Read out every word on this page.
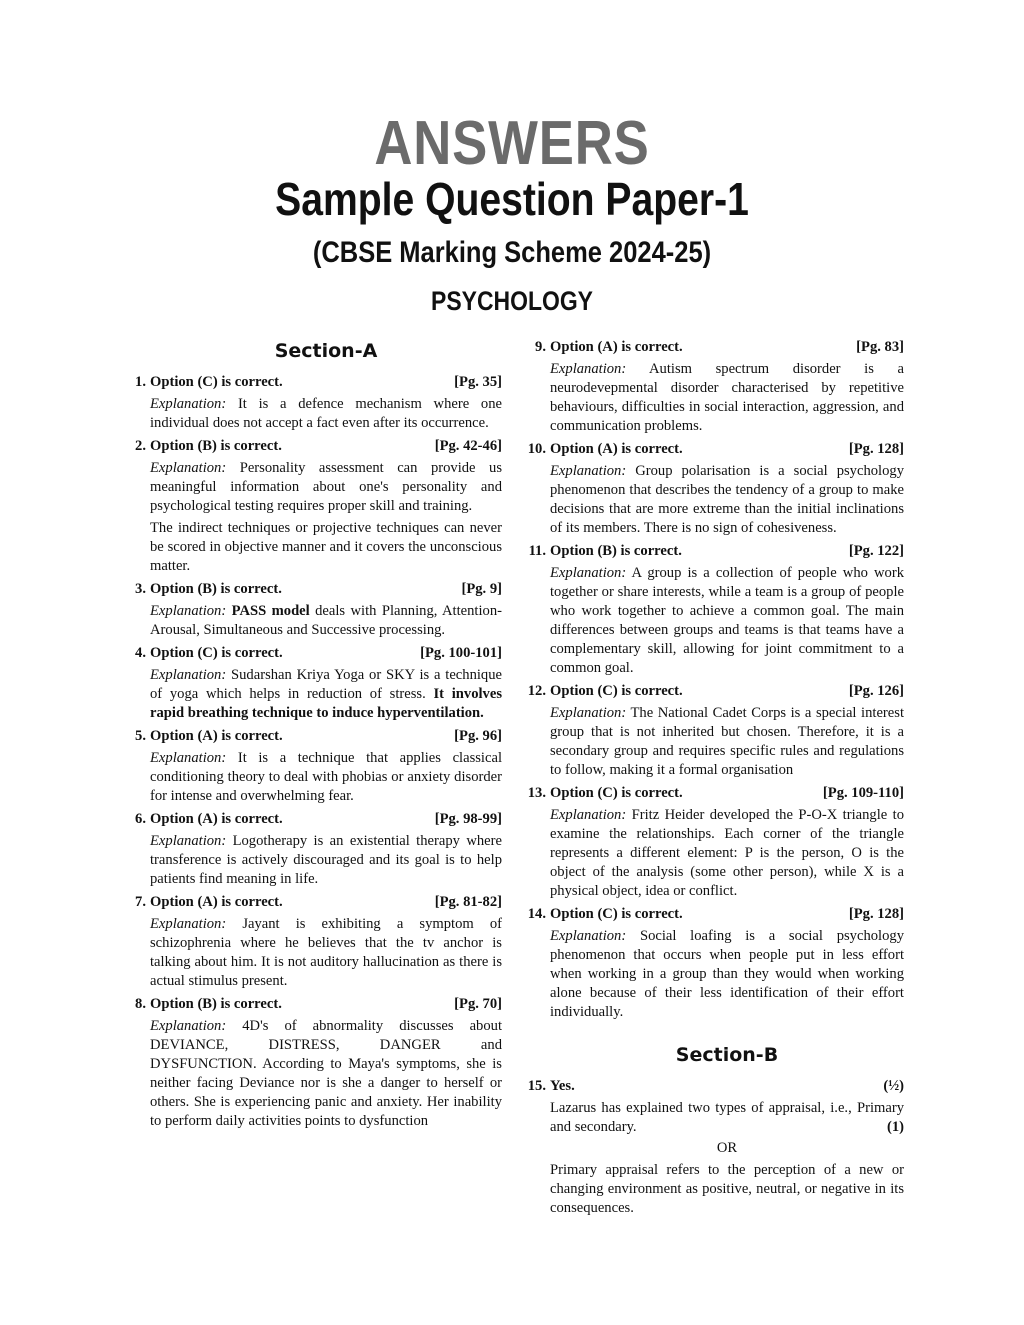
ANSWERS
Sample Question Paper-1
(CBSE Marking Scheme 2024-25)
PSYCHOLOGY
Section-A
1. Option (C) is correct.	[Pg. 35]
Explanation: It is a defence mechanism where one individual does not accept a fact even after its occurrence.
2. Option (B) is correct.	[Pg. 42-46]
Explanation: Personality assessment can provide us meaningful information about one's personality and psychological testing requires proper skill and training.
The indirect techniques or projective techniques can never be scored in objective manner and it covers the unconscious matter.
3. Option (B) is correct.	[Pg. 9]
Explanation: PASS model deals with Planning, Attention-Arousal, Simultaneous and Successive processing.
4. Option (C) is correct.	[Pg. 100-101]
Explanation: Sudarshan Kriya Yoga or SKY is a technique of yoga which helps in reduction of stress. It involves rapid breathing technique to induce hyperventilation.
5. Option (A) is correct.	[Pg. 96]
Explanation: It is a technique that applies classical conditioning theory to deal with phobias or anxiety disorder for intense and overwhelming fear.
6. Option (A) is correct.	[Pg. 98-99]
Explanation: Logotherapy is an existential therapy where transference is actively discouraged and its goal is to help patients find meaning in life.
7. Option (A) is correct.	[Pg. 81-82]
Explanation: Jayant is exhibiting a symptom of schizophrenia where he believes that the tv anchor is talking about him. It is not auditory hallucination as there is actual stimulus present.
8. Option (B) is correct.	[Pg. 70]
Explanation: 4D's of abnormality discusses about DEVIANCE, DISTRESS, DANGER and DYSFUNCTION. According to Maya's symptoms, she is neither facing Deviance nor is she a danger to herself or others. She is experiencing panic and anxiety. Her inability to perform daily activities points to dysfunction
9. Option (A) is correct.	[Pg. 83]
Explanation: Autism spectrum disorder is a neurodevepmental disorder characterised by repetitive behaviours, difficulties in social interaction, aggression, and communication problems.
10. Option (A) is correct.	[Pg. 128]
Explanation: Group polarisation is a social psychology phenomenon that describes the tendency of a group to make decisions that are more extreme than the initial inclinations of its members. There is no sign of cohesiveness.
11. Option (B) is correct.	[Pg. 122]
Explanation: A group is a collection of people who work together or share interests, while a team is a group of people who work together to achieve a common goal. The main differences between groups and teams is that teams have a complementary skill, allowing for joint commitment to a common goal.
12. Option (C) is correct.	[Pg. 126]
Explanation: The National Cadet Corps is a special interest group that is not inherited but chosen. Therefore, it is a secondary group and requires specific rules and regulations to follow, making it a formal organisation
13. Option (C) is correct.	[Pg. 109-110]
Explanation: Fritz Heider developed the P-O-X triangle to examine the relationships. Each corner of the triangle represents a different element: P is the person, O is the object of the analysis (some other person), while X is a physical object, idea or conflict.
14. Option (C) is correct.	[Pg. 128]
Explanation: Social loafing is a social psychology phenomenon that occurs when people put in less effort when working in a group than they would when working alone because of their less identification of their effort individually.
Section-B
15. Yes.	(½)
Lazarus has explained two types of appraisal, i.e., Primary and secondary.	(1)
OR
Primary appraisal refers to the perception of a new or changing environment as positive, neutral, or negative in its consequences.
